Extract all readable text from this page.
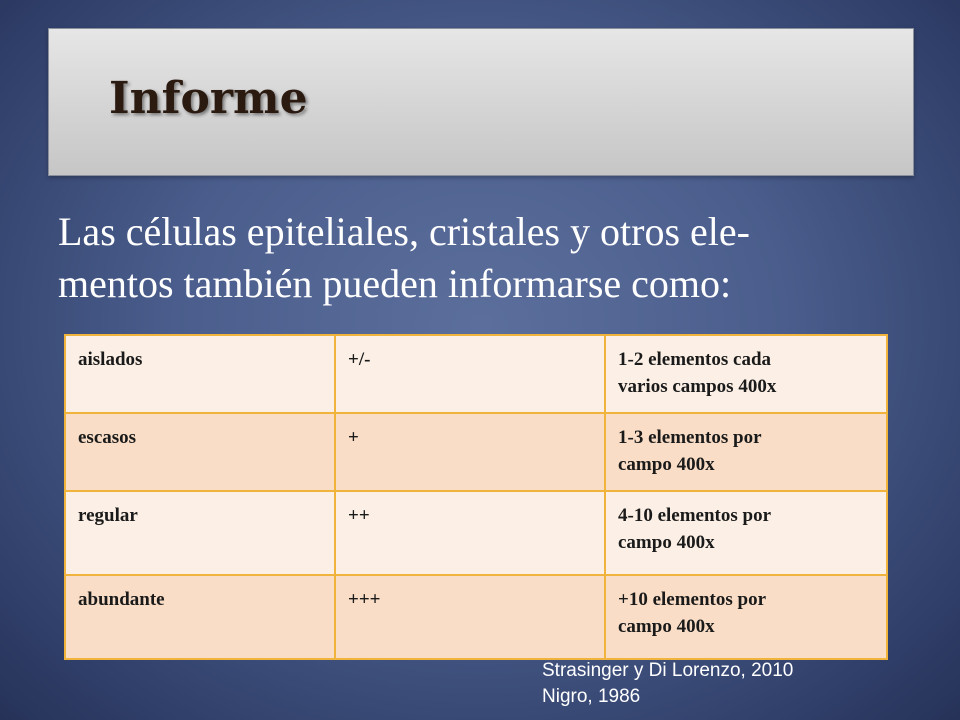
Informe

Las células epiteliales, cristales y otros ele-
mentos también pueden informarse como:

aislados	+/-	1-2 elementos cada
varios campos 400x

escasos	+	1-3 elementos por
campo 400x

regular	++	4-10 elementos por
campo 400x

abundante	+++	+10 elementos por
campo 400x

Strasinger y Di Lorenzo, 2010
Nigro, 1986
